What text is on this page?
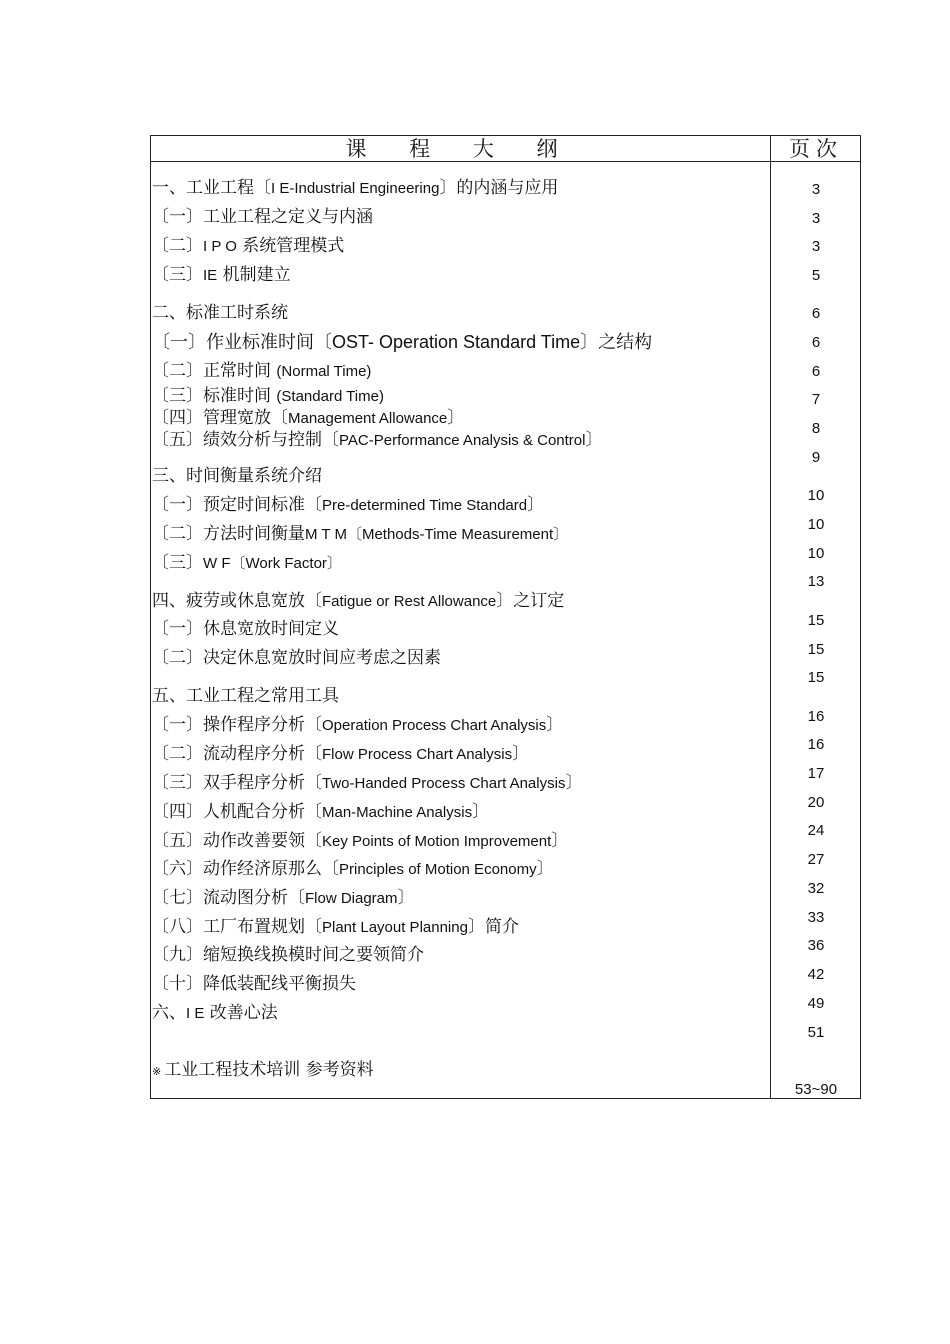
课 程 大 纲	页次
一、工业工程〔I E-Industrial Engineering〕的内涵与应用
〔一〕工业工程之定义与内涵
〔二〕I P O 系统管理模式
〔三〕IE 机制建立
二、标准工时系统
〔一〕作业标准时间〔OST- Operation Standard Time〕之结构
〔二〕正常时间 (Normal Time)
〔三〕标准时间 (Standard Time)
〔四〕管理宽放〔Management Allowance〕
〔五〕绩效分析与控制〔PAC-Performance Analysis & Control〕
三、时间衡量系统介绍
〔一〕预定时间标准〔Pre-determined Time Standard〕
〔二〕方法时间衡量M T M〔Methods-Time Measurement〕
〔三〕W F〔Work Factor〕
四、疲劳或休息宽放〔Fatigue or Rest Allowance〕之订定
〔一〕休息宽放时间定义
〔二〕决定休息宽放时间应考虑之因素
五、工业工程之常用工具
〔一〕操作程序分析〔Operation Process Chart Analysis〕
〔二〕流动程序分析〔Flow Process Chart Analysis〕
〔三〕双手程序分析〔Two-Handed Process Chart Analysis〕
〔四〕人机配合分析〔Man-Machine Analysis〕
〔五〕动作改善要领〔Key Points of Motion Improvement〕
〔六〕动作经济原那么〔Principles of Motion Economy〕
〔七〕流动图分析〔Flow Diagram〕
〔八〕工厂布置规划〔Plant Layout Planning〕简介
〔九〕缩短换线换模时间之要领简介
〔十〕降低装配线平衡损失
六、I E 改善心法
※ 工业工程技术培训 参考资料
3
3
3
5
6
6
6
7
8
9
10
10
10
13
15
15
15
16
16
17
20
24
27
32
33
36
42
49
51
53~90
